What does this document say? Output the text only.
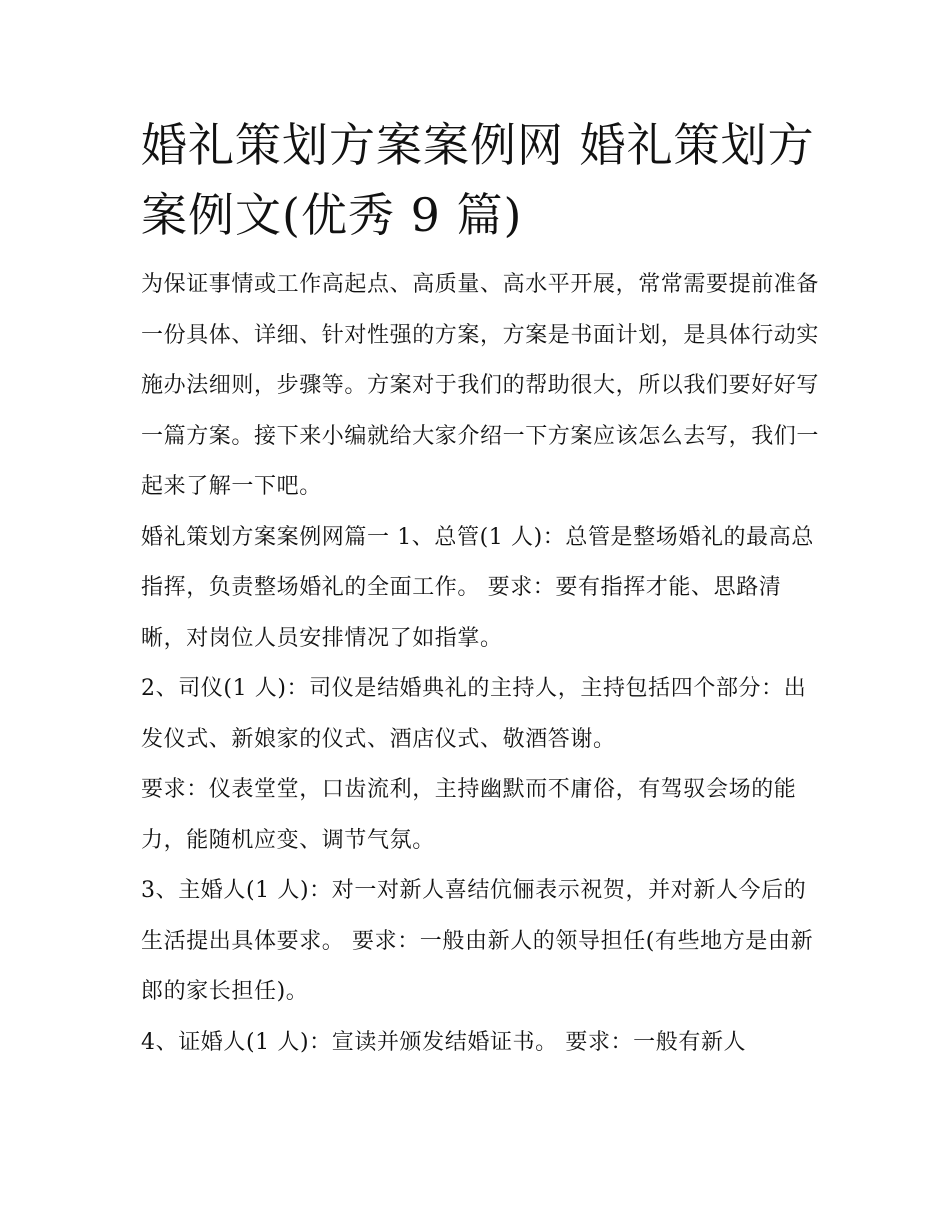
婚礼策划方案案例网 婚礼策划方案例文(优秀 9 篇)

为保证事情或工作高起点、高质量、高水平开展，常常需要提前准备一份具体、详细、针对性强的方案，方案是书面计划，是具体行动实施办法细则，步骤等。方案对于我们的帮助很大，所以我们要好好写一篇方案。接下来小编就给大家介绍一下方案应该怎么去写，我们一起来了解一下吧。

婚礼策划方案案例网篇一 1、总管(1 人)：总管是整场婚礼的最高总指挥，负责整场婚礼的全面工作。 要求：要有指挥才能、思路清晰，对岗位人员安排情况了如指掌。

2、司仪(1 人)：司仪是结婚典礼的主持人，主持包括四个部分：出发仪式、新娘家的仪式、酒店仪式、敬酒答谢。

要求：仪表堂堂，口齿流利，主持幽默而不庸俗，有驾驭会场的能力，能随机应变、调节气氛。

3、主婚人(1 人)：对一对新人喜结伉俪表示祝贺，并对新人今后的生活提出具体要求。 要求：一般由新人的领导担任(有些地方是由新郎的家长担任)。

4、证婚人(1 人)：宣读并颁发结婚证书。 要求：一般有新人
